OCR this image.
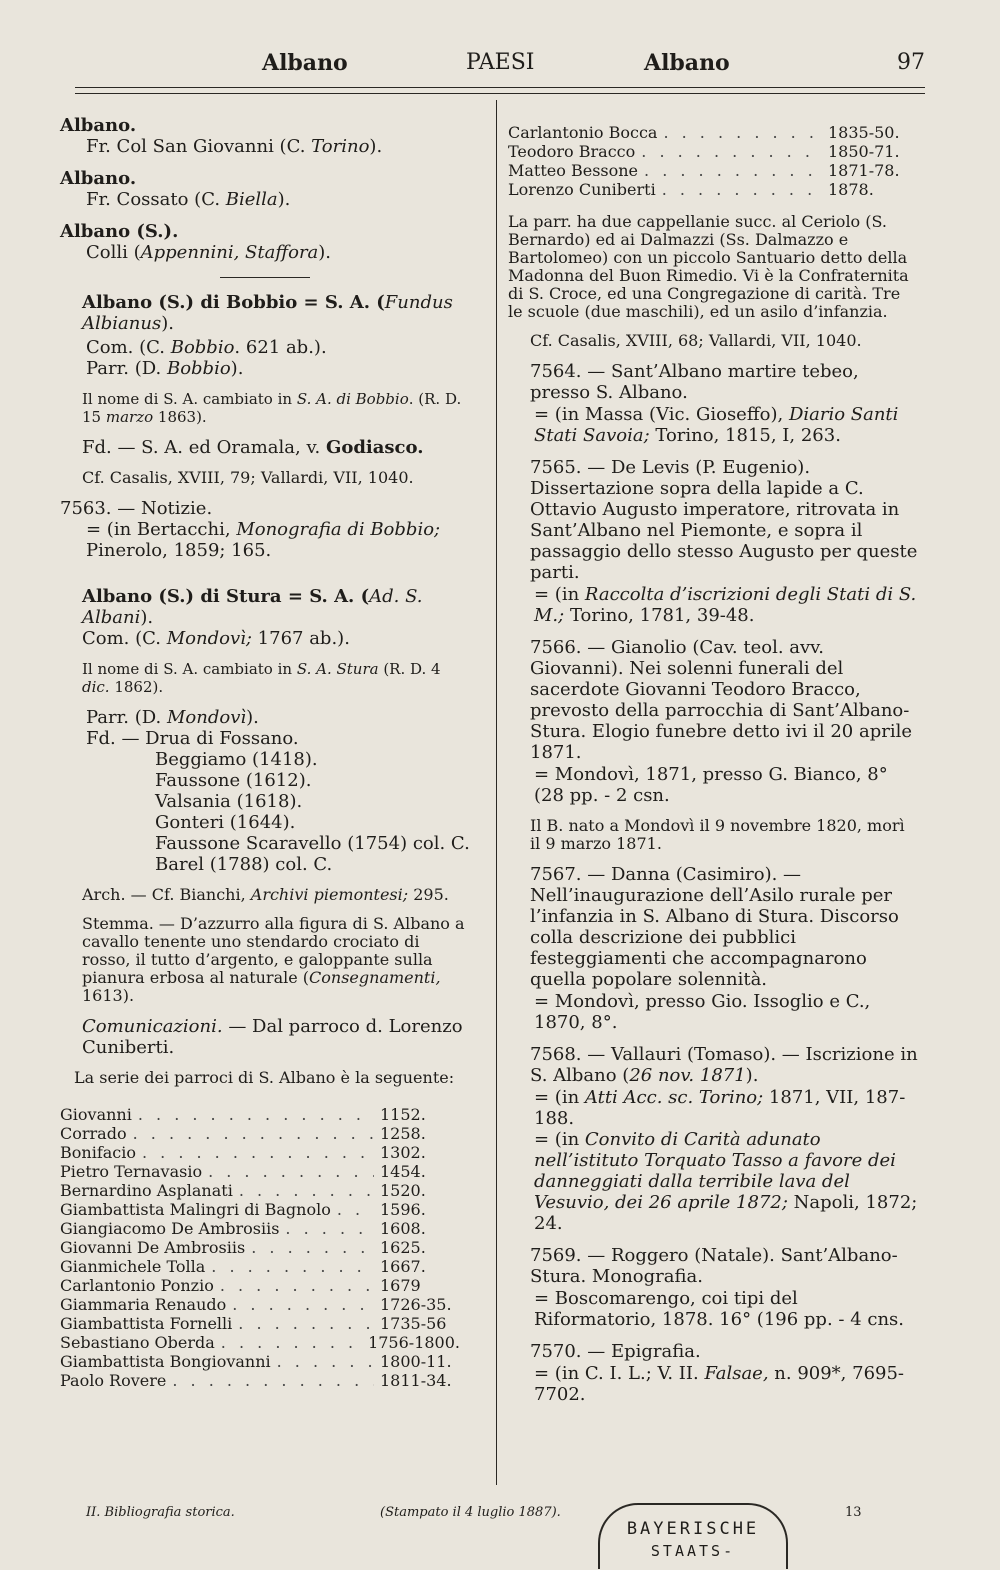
Albano	PAESI	Albano	97

Albano.

Fr. Col San Giovanni (C. Torino).

Albano.

Fr. Cossato (C. Biella).

Albano (S.).

Colli (Appennini, Staffora).

Albano (S.) di Bobbio = S. A. (Fundus Albianus).

Com. (C. Bobbio. 621 ab.).

Parr. (D. Bobbio).

Il nome di S. A. cambiato in S. A. di Bobbio. (R. D. 15 marzo 1863).

Fd. — S. A. ed Oramala, v. Godiasco.

Cf. Casalis, XVIII, 79; Vallardi, VII, 1040.

7563. — Notizie.

= (in Bertacchi, Monografia di Bobbio; Pinerolo, 1859; 165.

Albano (S.) di Stura = S. A. (Ad. S. Albani).

Com. (C. Mondovì; 1767 ab.).

Il nome di S. A. cambiato in S. A. Stura (R. D. 4 dic. 1862).

Parr. (D. Mondovì).

Fd. — Drua di Fossano.

Beggiamo (1418).

Faussone (1612).

Valsania (1618).

Gonteri (1644).

Faussone Scaravello (1754) col. C.

Barel (1788) col. C.

Arch. — Cf. Bianchi, Archivi piemontesi; 295.

Stemma. — D’azzurro alla figura di S. Albano a cavallo tenente uno stendardo crociato di rosso, il tutto d’argento, e galoppante sulla pianura erbosa al naturale (Consegnamenti, 1613).

Comunicazioni. — Dal parroco d. Lorenzo Cuniberti.

La serie dei parroci di S. Albano è la seguente:

Giovanni . . .	1152.
Corrado . . .	1258.
Bonifacio . . .	1302.
Pietro Ternavasio . . .	1454.
Bernardino Asplanati . . .	1520.
Giambattista Malingri di Bagnolo . . .	1596.
Giangiacomo De Ambrosiis . . .	1608.
Giovanni De Ambrosiis . . .	1625.
Gianmichele Tolla . . .	1667.
Carlantonio Ponzio . . .	1679
Giammaria Renaudo . . .	1726-35.
Giambattista Fornelli . . .	1735-56
Sebastiano Oberda . . .	1756-1800.
Giambattista Bongiovanni . . .	1800-11.
Paolo Rovere . . .	1811-34.
Carlantonio Bocca . . .	1835-50.
Teodoro Bracco . . .	1850-71.
Matteo Bessone . . .	1871-78.
Lorenzo Cuniberti . . .	1878.

La parr. ha due cappellanie succ. al Ceriolo (S. Bernardo) ed ai Dalmazzi (Ss. Dalmazzo e Bartolomeo) con un piccolo Santuario detto della Madonna del Buon Rimedio. Vi è la Confraternita di S. Croce, ed una Congregazione di carità. Tre le scuole (due maschili), ed un asilo d’infanzia.

Cf. Casalis, XVIII, 68; Vallardi, VII, 1040.

7564. — Sant’Albano martire tebeo, presso S. Albano.

= (in Massa (Vic. Gioseffo), Diario Santi Stati Savoia; Torino, 1815, I, 263.

7565. — De Levis (P. Eugenio). Dissertazione sopra della lapide a C. Ottavio Augusto imperatore, ritrovata in Sant’Albano nel Piemonte, e sopra il passaggio dello stesso Augusto per queste parti.

= (in Raccolta d’iscrizioni degli Stati di S. M.; Torino, 1781, 39-48.

7566. — Gianolio (Cav. teol. avv. Giovanni). Nei solenni funerali del sacerdote Giovanni Teodoro Bracco, prevosto della parrocchia di Sant’Albano-Stura. Elogio funebre detto ivi il 20 aprile 1871.

= Mondovì, 1871, presso G. Bianco, 8° (28 pp. - 2 csn.

Il B. nato a Mondovì il 9 novembre 1820, morì il 9 marzo 1871.

7567. — Danna (Casimiro). — Nell’inaugurazione dell’Asilo rurale per l’infanzia in S. Albano di Stura. Discorso colla descrizione dei pubblici festeggiamenti che accompagnarono quella popolare solennità.

= Mondovì, presso Gio. Issoglio e C., 1870, 8°.

7568. — Vallauri (Tomaso). — Iscrizione in S. Albano (26 nov. 1871).

= (in Atti Acc. sc. Torino; 1871, VII, 187-188.

= (in Convito di Carità adunato nell’istituto Torquato Tasso a favore dei danneggiati dalla terribile lava del Vesuvio, dei 26 aprile 1872; Napoli, 1872; 24.

7569. — Roggero (Natale). Sant’Albano-Stura. Monografia.

= Boscomarengo, coi tipi del Riformatorio, 1878. 16° (196 pp. - 4 cns.

7570. — Epigrafia.

= (in C. I. L.; V. II. Falsae, n. 909*, 7695-7702.

II. Bibliografia storica.	(Stampato il 4 luglio 1887).	13
BAYERISCHE
STAATS-
